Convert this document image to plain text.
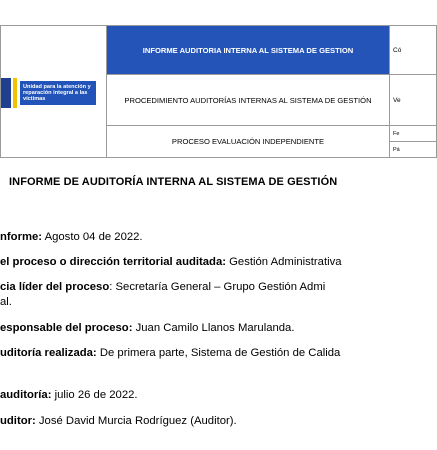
Unidad para la atención y reparación integral a las víctimas	INFORME AUDITORIA INTERNA AL SISTEMA DE GESTION	Có
	PROCEDIMIENTO AUDITORÍAS INTERNAS AL SISTEMA DE GESTIÓN	Ve
	PROCESO EVALUACIÓN INDEPENDIENTE	Fe
		Pá
INFORME DE AUDITORÍA INTERNA AL SISTEMA DE GESTIÓN
nforme: Agosto 04 de 2022.
el proceso o dirección territorial auditada: Gestión Administrativa
cia líder del proceso: Secretaría General – Grupo Gestión Admi
al.
esponsable del proceso: Juan Camilo Llanos Marulanda.
uditoría realizada: De primera parte, Sistema de Gestión de Calida
auditoría: julio 26 de 2022.
uditor: José David Murcia Rodríguez (Auditor).
